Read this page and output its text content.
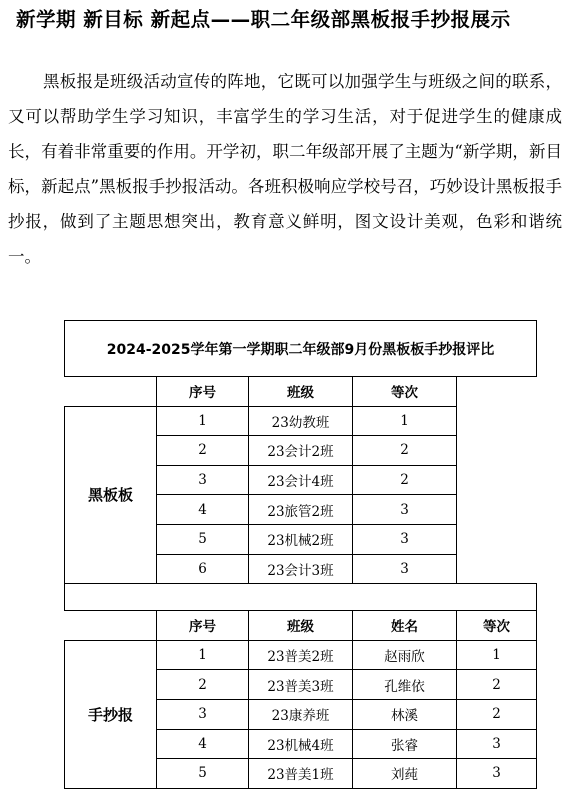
新学期 新目标 新起点——职二年级部黑板报手抄报展示
黑板报是班级活动宣传的阵地，它既可以加强学生与班级之间的联系，又可以帮助学生学习知识，丰富学生的学习生活，对于促进学生的健康成长，有着非常重要的作用。开学初，职二年级部开展了主题为“新学期，新目标，新起点”黑板报手抄报活动。各班积极响应学校号召，巧妙设计黑板报手抄报，做到了主题思想突出，教育意义鲜明，图文设计美观，色彩和谐统一。
2024-2025学年第一学期职二年级部9月份黑板板手抄报评比				
	序号	班级	等次	
黑板板	1	23幼教班	1	
	2	23会计2班	2	
	3	23会计4班	2	
	4	23旅管2班	3	
	5	23机械2班	3	
	6	23会计3班	3	

	序号	班级	姓名	等次
手抄报	1	23普美2班	赵雨欣	1
	2	23普美3班	孔维依	2
	3	23康养班	林溪	2
	4	23机械4班	张睿	3
	5	23普美1班	刘莼	3
